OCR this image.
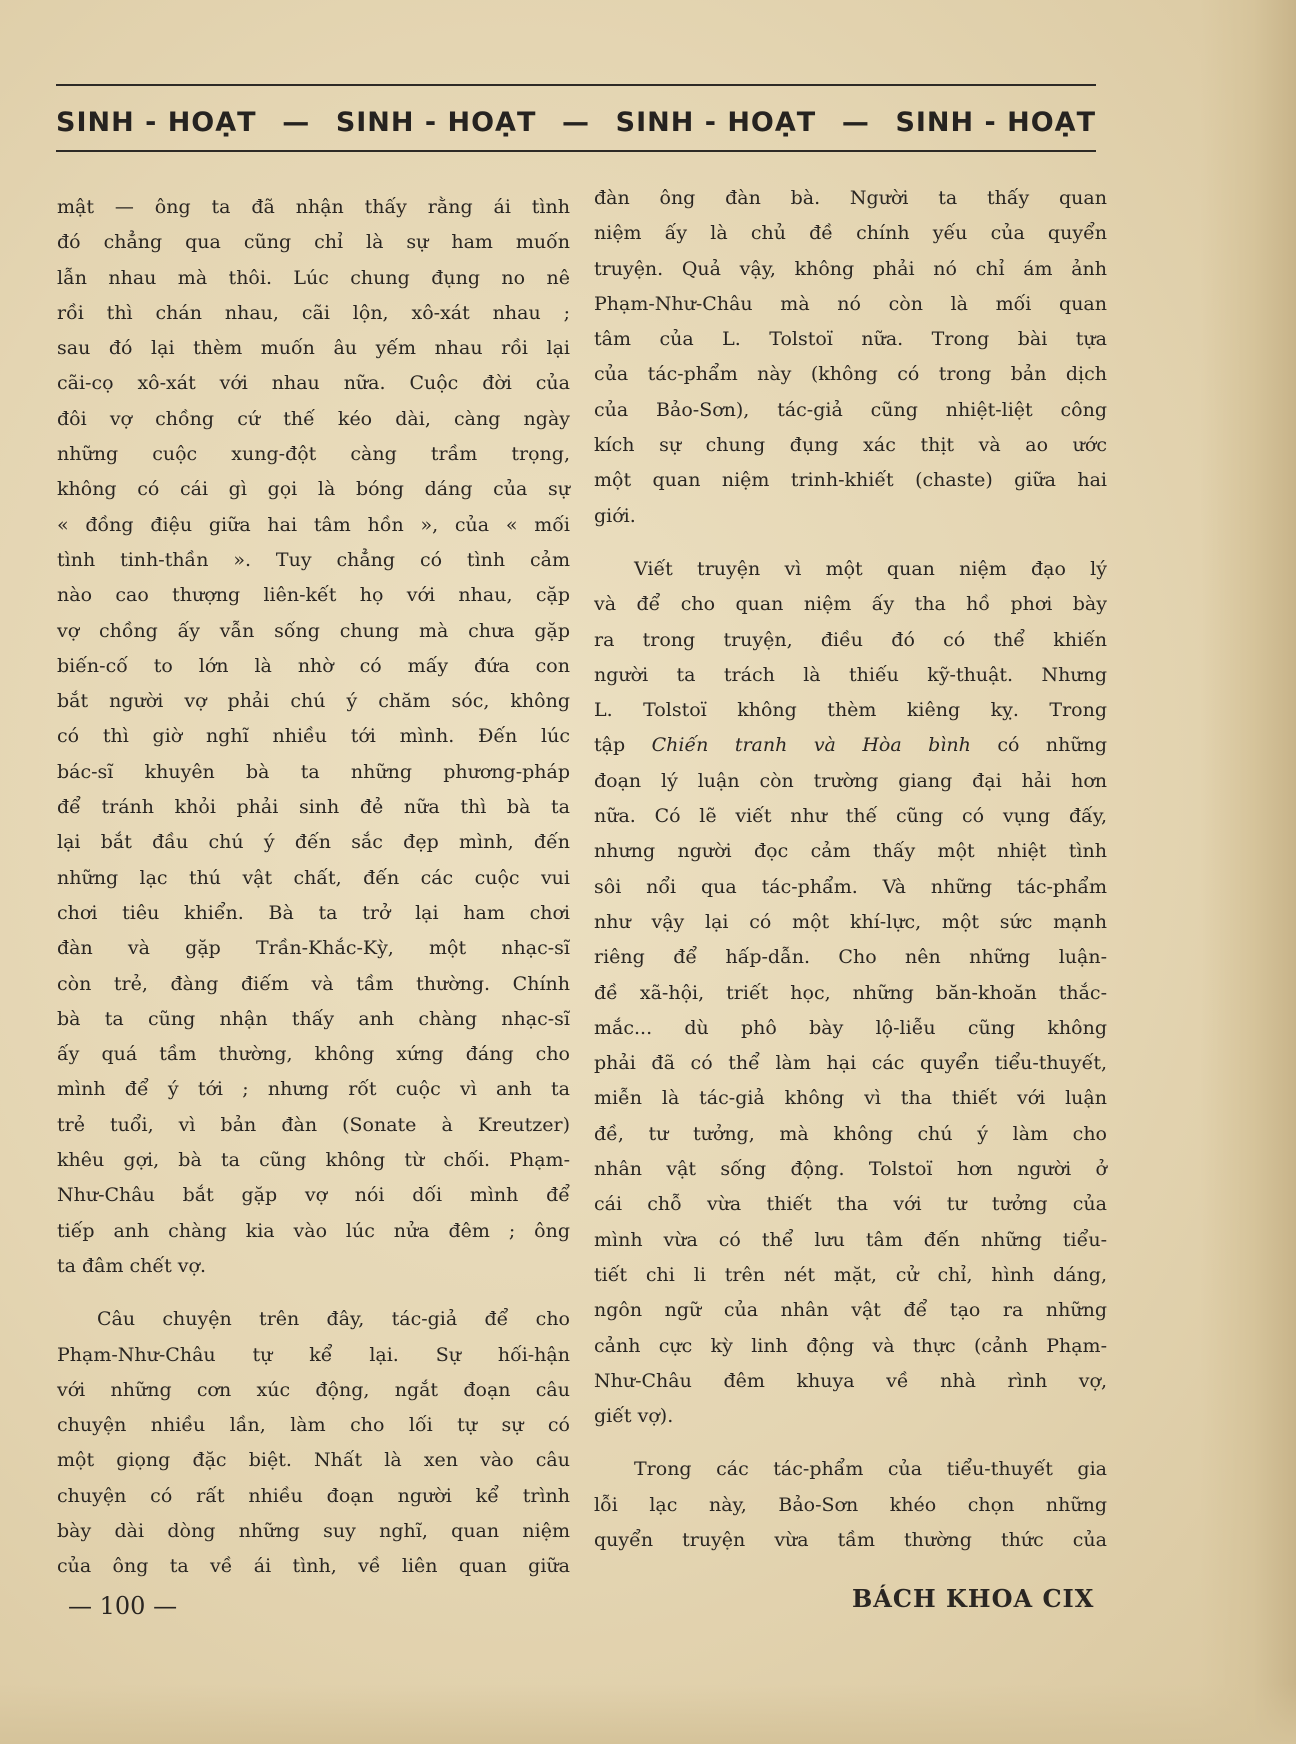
SINH - HOẠT — SINH - HOẠT — SINH - HOẠT — SINH - HOẠT

mật — ông ta đã nhận thấy rằng ái tình

đó chẳng qua cũng chỉ là sự ham muốn

lẫn nhau mà thôi. Lúc chung đụng no nê

rồi thì chán nhau, cãi lộn, xô-xát nhau ;

sau đó lại thèm muốn âu yếm nhau rồi lại

cãi-cọ xô-xát với nhau nữa. Cuộc đời của

đôi vợ chồng cứ thế kéo dài, càng ngày

những cuộc xung-đột càng trầm trọng,

không có cái gì gọi là bóng dáng của sự

« đồng điệu giữa hai tâm hồn », của « mối

tình tinh-thần ». Tuy chẳng có tình cảm

nào cao thượng liên-kết họ với nhau, cặp

vợ chồng ấy vẫn sống chung mà chưa gặp

biến-cố to lớn là nhờ có mấy đứa con

bắt người vợ phải chú ý chăm sóc, không

có thì giờ nghĩ nhiều tới mình. Đến lúc

bác-sĩ khuyên bà ta những phương-pháp

để tránh khỏi phải sinh đẻ nữa thì bà ta

lại bắt đầu chú ý đến sắc đẹp mình, đến

những lạc thú vật chất, đến các cuộc vui

chơi tiêu khiển. Bà ta trở lại ham chơi

đàn và gặp Trần-Khắc-Kỳ, một nhạc-sĩ

còn trẻ, đàng điếm và tầm thường. Chính

bà ta cũng nhận thấy anh chàng nhạc-sĩ

ấy quá tầm thường, không xứng đáng cho

mình để ý tới ; nhưng rốt cuộc vì anh ta

trẻ tuổi, vì bản đàn (Sonate à Kreutzer)

khêu gợi, bà ta cũng không từ chối. Phạm-

Như-Châu bắt gặp vợ nói dối mình để

tiếp anh chàng kia vào lúc nửa đêm ; ông

ta đâm chết vợ.

Câu chuyện trên đây, tác-giả để cho

Phạm-Như-Châu tự kể lại. Sự hối-hận

với những cơn xúc động, ngắt đoạn câu

chuyện nhiều lần, làm cho lối tự sự có

một giọng đặc biệt. Nhất là xen vào câu

chuyện có rất nhiều đoạn người kể trình

bày dài dòng những suy nghĩ, quan niệm

của ông ta về ái tình, về liên quan giữa

đàn ông đàn bà. Người ta thấy quan

niệm ấy là chủ đề chính yếu của quyển

truyện. Quả vậy, không phải nó chỉ ám ảnh

Phạm-Như-Châu mà nó còn là mối quan

tâm của L. Tolstoï nữa. Trong bài tựa

của tác-phẩm này (không có trong bản dịch

của Bảo-Sơn), tác-giả cũng nhiệt-liệt công

kích sự chung đụng xác thịt và ao ước

một quan niệm trinh-khiết (chaste) giữa hai

giới.

Viết truyện vì một quan niệm đạo lý

và để cho quan niệm ấy tha hồ phơi bày

ra trong truyện, điều đó có thể khiến

người ta trách là thiếu kỹ-thuật. Nhưng

L. Tolstoï không thèm kiêng kỵ. Trong

tập Chiến tranh và Hòa bình có những

đoạn lý luận còn trường giang đại hải hơn

nữa. Có lẽ viết như thế cũng có vụng đấy,

nhưng người đọc cảm thấy một nhiệt tình

sôi nổi qua tác-phẩm. Và những tác-phẩm

như vậy lại có một khí-lực, một sức mạnh

riêng để hấp-dẫn. Cho nên những luận-

đề xã-hội, triết học, những băn-khoăn thắc-

mắc... dù phô bày lộ-liễu cũng không

phải đã có thể làm hại các quyển tiểu-thuyết,

miễn là tác-giả không vì tha thiết với luận

đề, tư tưởng, mà không chú ý làm cho

nhân vật sống động. Tolstoï hơn người ở

cái chỗ vừa thiết tha với tư tưởng của

mình vừa có thể lưu tâm đến những tiểu-

tiết chi li trên nét mặt, cử chỉ, hình dáng,

ngôn ngữ của nhân vật để tạo ra những

cảnh cực kỳ linh động và thực (cảnh Phạm-

Như-Châu đêm khuya về nhà rình vợ,

giết vợ).

Trong các tác-phẩm của tiểu-thuyết gia

lỗi lạc này, Bảo-Sơn khéo chọn những

quyển truyện vừa tầm thường thức của

— 100 —	BÁCH KHOA CIX
